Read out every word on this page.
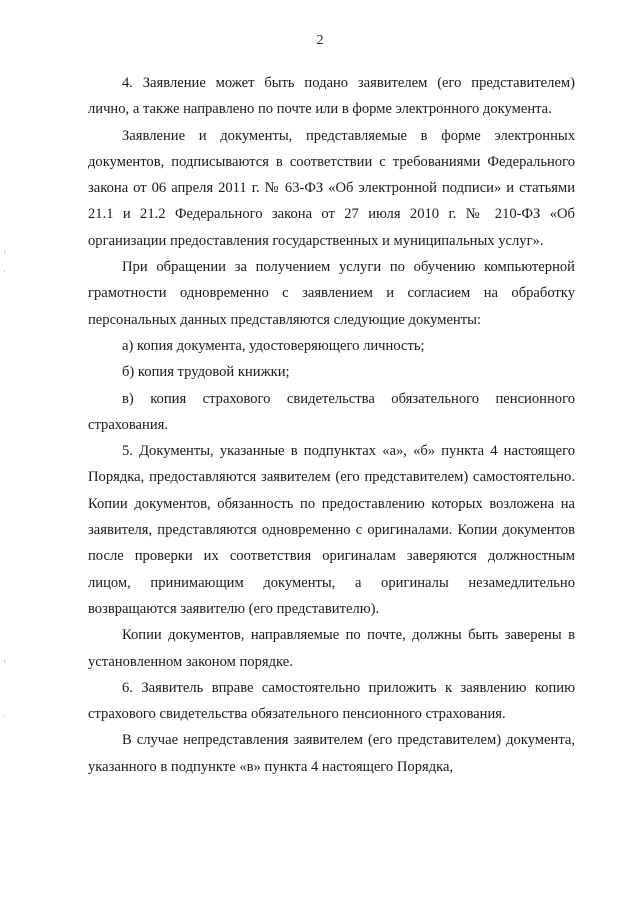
2

4. Заявление может быть подано заявителем (его представителем) лично, а также направлено по почте или в форме электронного документа.

Заявление и документы, представляемые в форме электронных документов, подписываются в соответствии с требованиями Федерального закона от 06 апреля 2011 г. № 63-ФЗ «Об электронной подписи» и статьями 21.1 и 21.2 Федерального закона от 27 июля 2010 г. № 210-ФЗ «Об организации предоставления государственных и муниципальных услуг».

При обращении за получением услуги по обучению компьютерной грамотности одновременно с заявлением и согласием на обработку персональных данных представляются следующие документы:

а) копия документа, удостоверяющего личность;

б) копия трудовой книжки;

в) копия страхового свидетельства обязательного пенсионного страхования.

5. Документы, указанные в подпунктах «а», «б» пункта 4 настоящего Порядка, предоставляются заявителем (его представителем) самостоятельно. Копии документов, обязанность по предоставлению которых возложена на заявителя, представляются одновременно с оригиналами. Копии документов после проверки их соответствия оригиналам заверяются должностным лицом, принимающим документы, а оригиналы незамедлительно возвращаются заявителю (его представителю).

Копии документов, направляемые по почте, должны быть заверены в установленном законом порядке.

6. Заявитель вправе самостоятельно приложить к заявлению копию страхового свидетельства обязательного пенсионного страхования.

В случае непредставления заявителем (его представителем) документа, указанного в подпункте «в» пункта 4 настоящего Порядка,
